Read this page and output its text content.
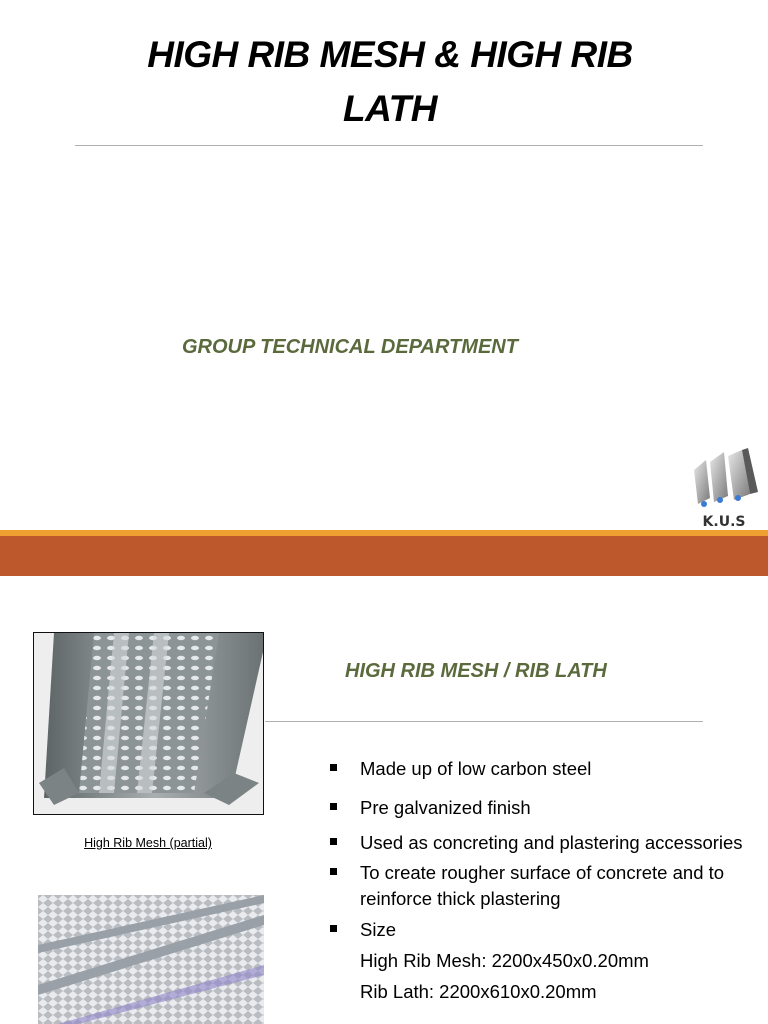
HIGH RIB MESH & HIGH RIB
LATH
GROUP TECHNICAL DEPARTMENT
K.U.S
High Rib Mesh (partial)
HIGH RIB MESH / RIB LATH
Made up of low carbon steel
Pre galvanized finish
Used as concreting and plastering accessories
To create rougher surface of concrete and to reinforce thick plastering
Size
High Rib Mesh: 2200x450x0.20mm
Rib Lath: 2200x610x0.20mm
